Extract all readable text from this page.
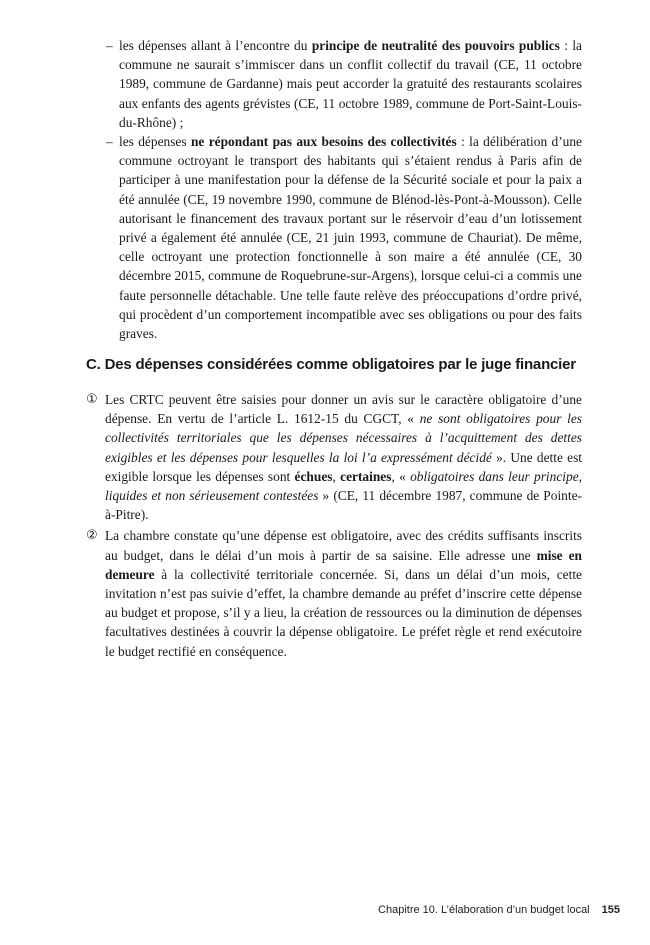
– les dépenses allant à l’encontre du principe de neutralité des pouvoirs publics : la commune ne saurait s’immiscer dans un conflit collectif du travail (CE, 11 octobre 1989, commune de Gardanne) mais peut accorder la gratuité des restaurants scolaires aux enfants des agents grévistes (CE, 11 octobre 1989, commune de Port-Saint-Louis-du-Rhône) ;

– les dépenses ne répondant pas aux besoins des collectivités : la délibération d’une commune octroyant le transport des habitants qui s’étaient rendus à Paris afin de participer à une manifestation pour la défense de la Sécurité sociale et pour la paix a été annulée (CE, 19 novembre 1990, commune de Blénod-lès-Pont-à-Mousson). Celle autorisant le financement des travaux portant sur le réservoir d’eau d’un lotissement privé a également été annulée (CE, 21 juin 1993, commune de Chauriat). De même, celle octroyant une protection fonctionnelle à son maire a été annulée (CE, 30 décembre 2015, commune de Roquebrune-sur-Argens), lorsque celui-ci a commis une faute personnelle détachable. Une telle faute relève des préoccupations d’ordre privé, qui procèdent d’un comportement incompatible avec ses obligations ou pour des faits graves.

C. Des dépenses considérées comme obligatoires par le juge financier
① Les CRTC peuvent être saisies pour donner un avis sur le caractère obligatoire d’une dépense. En vertu de l’article L. 1612-15 du CGCT, « ne sont obligatoires pour les collectivités territoriales que les dépenses nécessaires à l’acquittement des dettes exigibles et les dépenses pour lesquelles la loi l’a expressément décidé ». Une dette est exigible lorsque les dépenses sont échues, certaines, « obligatoires dans leur principe, liquides et non sérieusement contestées » (CE, 11 décembre 1987, commune de Pointe-à-Pitre).

② La chambre constate qu’une dépense est obligatoire, avec des crédits suffisants inscrits au budget, dans le délai d’un mois à partir de sa saisine. Elle adresse une mise en demeure à la collectivité territoriale concernée. Si, dans un délai d’un mois, cette invitation n’est pas suivie d’effet, la chambre demande au préfet d’inscrire cette dépense au budget et propose, s’il y a lieu, la création de ressources ou la diminution de dépenses facultatives destinées à couvrir la dépense obligatoire. Le préfet règle et rend exécutoire le budget rectifié en conséquence.

Chapitre 10. L’élaboration d’un budget local 155
